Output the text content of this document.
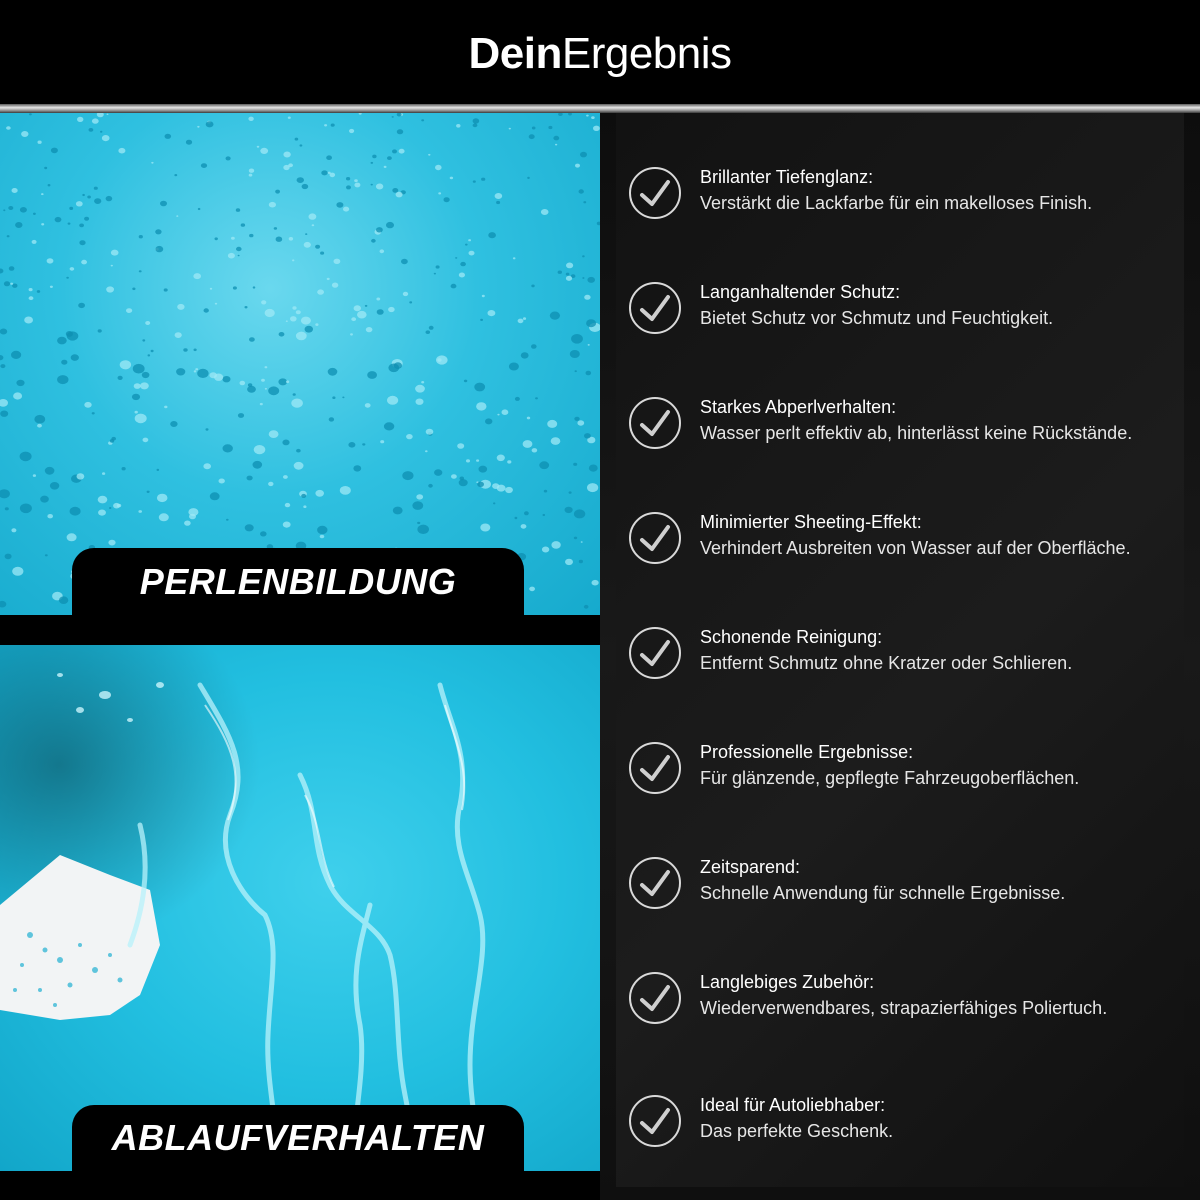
DeinErgebnis
PERLENBILDUNG
ABLAUFVERHALTEN
Brillanter Tiefenglanz:
Verstärkt die Lackfarbe für ein makelloses Finish.
Langanhaltender Schutz:
Bietet Schutz vor Schmutz und Feuchtigkeit.
Starkes Abperlverhalten:
Wasser perlt effektiv ab, hinterlässt keine Rückstände.
Minimierter Sheeting-Effekt:
Verhindert Ausbreiten von Wasser auf der Oberfläche.
Schonende Reinigung:
Entfernt Schmutz ohne Kratzer oder Schlieren.
Professionelle Ergebnisse:
Für glänzende, gepflegte Fahrzeugoberflächen.
Zeitsparend:
Schnelle Anwendung für schnelle Ergebnisse.
Langlebiges Zubehör:
Wiederverwendbares, strapazierfähiges Poliertuch.
Ideal für Autoliebhaber:
Das perfekte Geschenk.
